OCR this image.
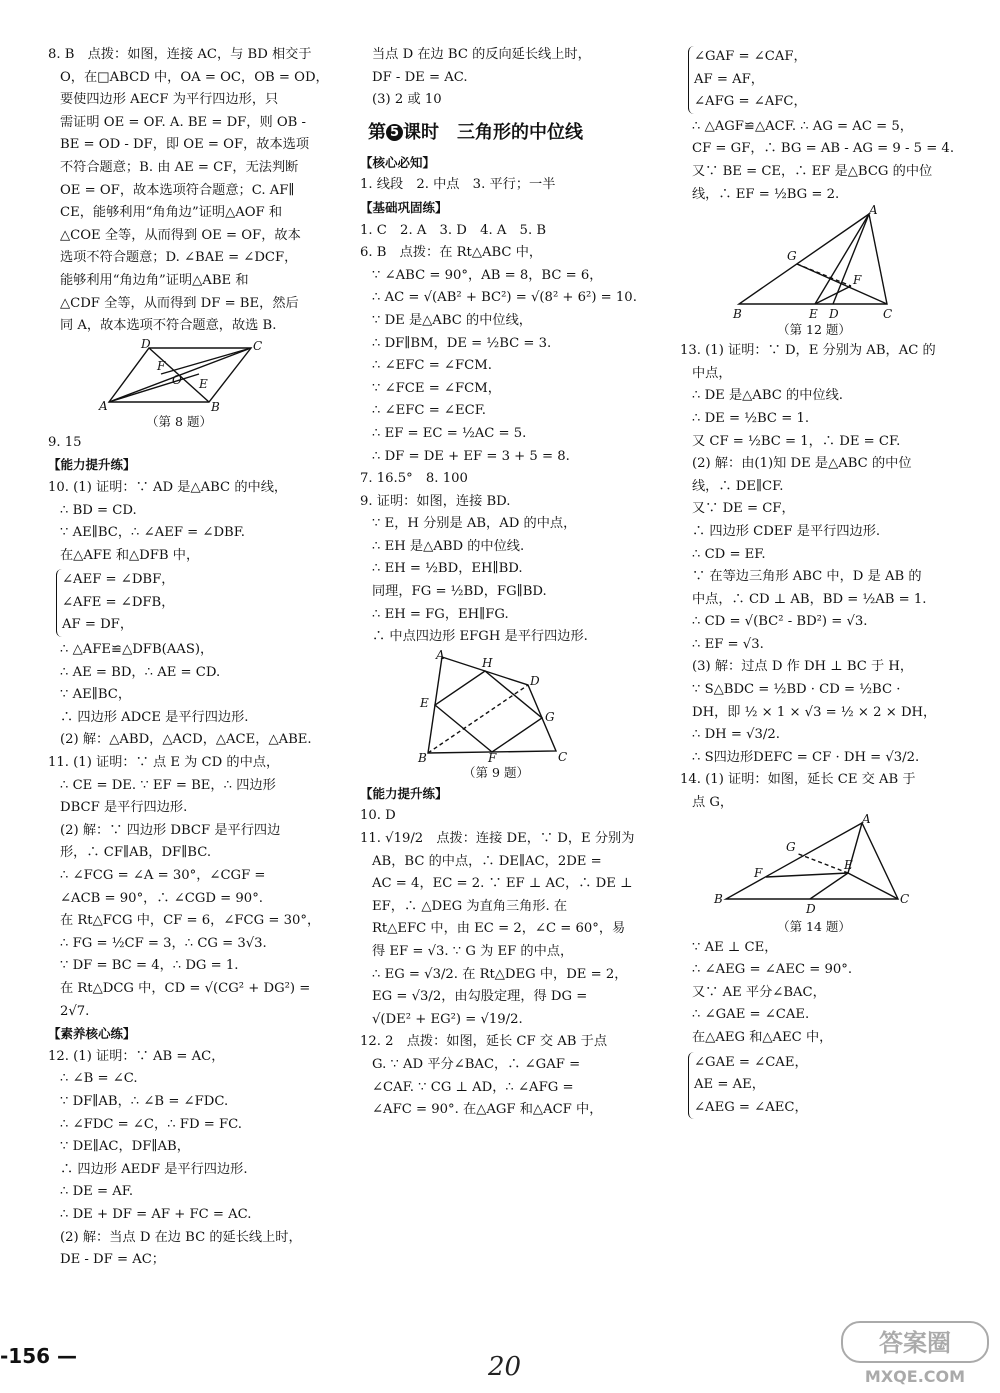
8. B　点拨：如图，连接 AC，与 BD 相交于
O，在□ABCD 中，OA = OC，OB = OD，
要使四边形 AECF 为平行四边形，只
需证明 OE = OF. A. BE = DF，则 OB -
BE = OD - DF，即 OE = OF，故本选项
不符合题意；B. 由 AE = CF，无法判断
OE = OF，故本选项符合题意；C. AF∥
CE，能够利用“角角边”证明△AOF 和
△COE 全等，从而得到 OE = OF，故本
选项不符合题意；D. ∠BAE = ∠DCF，
能够利用“角边角”证明△ABE 和
△CDF 全等，从而得到 DF = BE，然后
同 A，故本选项不符合题意，故选 B.
A	B
C
D
E
F
O
（第 8 题）
9. 15
【能力提升练】
10. (1) 证明：∵ AD 是△ABC 的中线，
∴ BD = CD.
∵ AE∥BC，∴ ∠AEF = ∠DBF.
在△AFE 和△DFB 中，
∠AEF = ∠DBF，
∠AFE = ∠DFB，
AF = DF，
∴ △AFE≌△DFB(AAS)，
∴ AE = BD，∴ AE = CD.
∵ AE∥BC，
∴ 四边形 ADCE 是平行四边形.
(2) 解：△ABD，△ACD，△ACE，△ABE.
11. (1) 证明：∵ 点 E 为 CD 的中点，
∴ CE = DE. ∵ EF = BE，∴ 四边形
DBCF 是平行四边形.
(2) 解：∵ 四边形 DBCF 是平行四边
形，∴ CF∥AB，DF∥BC.
∴ ∠FCG = ∠A = 30°，∠CGF =
∠ACB = 90°，∴ ∠CGD = 90°.
在 Rt△FCG 中，CF = 6，∠FCG = 30°，
∴ FG = ½CF = 3，∴ CG = 3√3.
∵ DF = BC = 4，∴ DG = 1.
在 Rt△DCG 中，CD = √(CG² + DG²) =
2√7.
【素养核心练】
12. (1) 证明：∵ AB = AC，
∴ ∠B = ∠C.
∵ DF∥AB，∴ ∠B = ∠FDC.
∴ ∠FDC = ∠C，∴ FD = FC.
∵ DE∥AC，DF∥AB，
∴ 四边形 AEDF 是平行四边形.
∴ DE = AF.
∴ DE + DF = AF + FC = AC.
(2) 解：当点 D 在边 BC 的延长线上时，
DE - DF = AC；
当点 D 在边 BC 的反向延长线上时，
DF - DE = AC.
(3) 2 或 10
第 5 课时　三角形的中位线
【核心必知】
1. 线段　2. 中点　3. 平行；一半
【基础巩固练】
1. C　2. A　3. D　4. A　5. B
6. B　点拨：在 Rt△ABC 中，
∵ ∠ABC = 90°，AB = 8，BC = 6，
∴ AC = √(AB² + BC²) = √(8² + 6²) = 10.
∵ DE 是△ABC 的中位线，
∴ DF∥BM，DE = ½BC = 3.
∴ ∠EFC = ∠FCM.
∵ ∠FCE = ∠FCM，
∴ ∠EFC = ∠ECF.
∴ EF = EC = ½AC = 5.
∴ DF = DE + EF = 3 + 5 = 8.
7. 16.5°　8. 100
9. 证明：如图，连接 BD.
∵ E，H 分别是 AB，AD 的中点，
∴ EH 是△ABD 的中位线.
∴ EH = ½BD，EH∥BD.
同理，FG = ½BD，FG∥BD.
∴ EH = FG，EH∥FG.
∴ 中点四边形 EFGH 是平行四边形.
A
B	C
D
E
F
G
H
（第 9 题）
【能力提升练】
10. D
11. √19/2　点拨：连接 DE，∵ D，E 分别为
AB，BC 的中点，∴ DE∥AC，2DE =
AC = 4，EC = 2. ∵ EF ⊥ AC，∴ DE ⊥
EF，∴ △DEG 为直角三角形. 在
Rt△EFC 中，由 EC = 2，∠C = 60°，易
得 EF = √3. ∵ G 为 EF 的中点，
∴ EG = √3/2. 在 Rt△DEG 中，DE = 2，
EG = √3/2，由勾股定理，得 DG =
√(DE² + EG²) = √19/2.
12. 2　点拨：如图，延长 CF 交 AB 于点
G. ∵ AD 平分∠BAC，∴ ∠GAF =
∠CAF. ∵ CG ⊥ AD，∴ ∠AFG =
∠AFC = 90°. 在△AGF 和△ACF 中，
∠GAF = ∠CAF，
AF = AF，
∠AFG = ∠AFC，
∴ △AGF≌△ACF. ∴ AG = AC = 5，
CF = GF，∴ BG = AB - AG = 9 - 5 = 4.
又∵ BE = CE，∴ EF 是△BCG 的中位
线，∴ EF = ½BG = 2.
A
B	C
D
E
F
G
（第 12 题）
13. (1) 证明：∵ D，E 分别为 AB，AC 的
中点，
∴ DE 是△ABC 的中位线.
∴ DE = ½BC = 1.
又 CF = ½BC = 1，∴ DE = CF.
(2) 解：由(1)知 DE 是△ABC 的中位
线，∴ DE∥CF.
又∵ DE = CF，
∴ 四边形 CDEF 是平行四边形.
∴ CD = EF.
∵ 在等边三角形 ABC 中，D 是 AB 的
中点，∴ CD ⊥ AB，BD = ½AB = 1.
∴ CD = √(BC² - BD²) = √3.
∴ EF = √3.
(3) 解：过点 D 作 DH ⊥ BC 于 H，
∵ S△BDC = ½BD · CD = ½BC ·
DH，即 ½ × 1 × √3 = ½ × 2 × DH，
∴ DH = √3/2.
∴ S四边形DEFC = CF · DH = √3/2.
14. (1) 证明：如图，延长 CE 交 AB 于
点 G，
A
B	C
D
E
F
G
（第 14 题）
∵ AE ⊥ CE，
∴ ∠AEG = ∠AEC = 90°.
又∵ AE 平分∠BAC，
∴ ∠GAE = ∠CAE.
在△AEG 和△AEC 中，
∠GAE = ∠CAE，
AE = AE，
∠AEG = ∠AEC，
-156 —	20
答案圈
MXQE.COM
